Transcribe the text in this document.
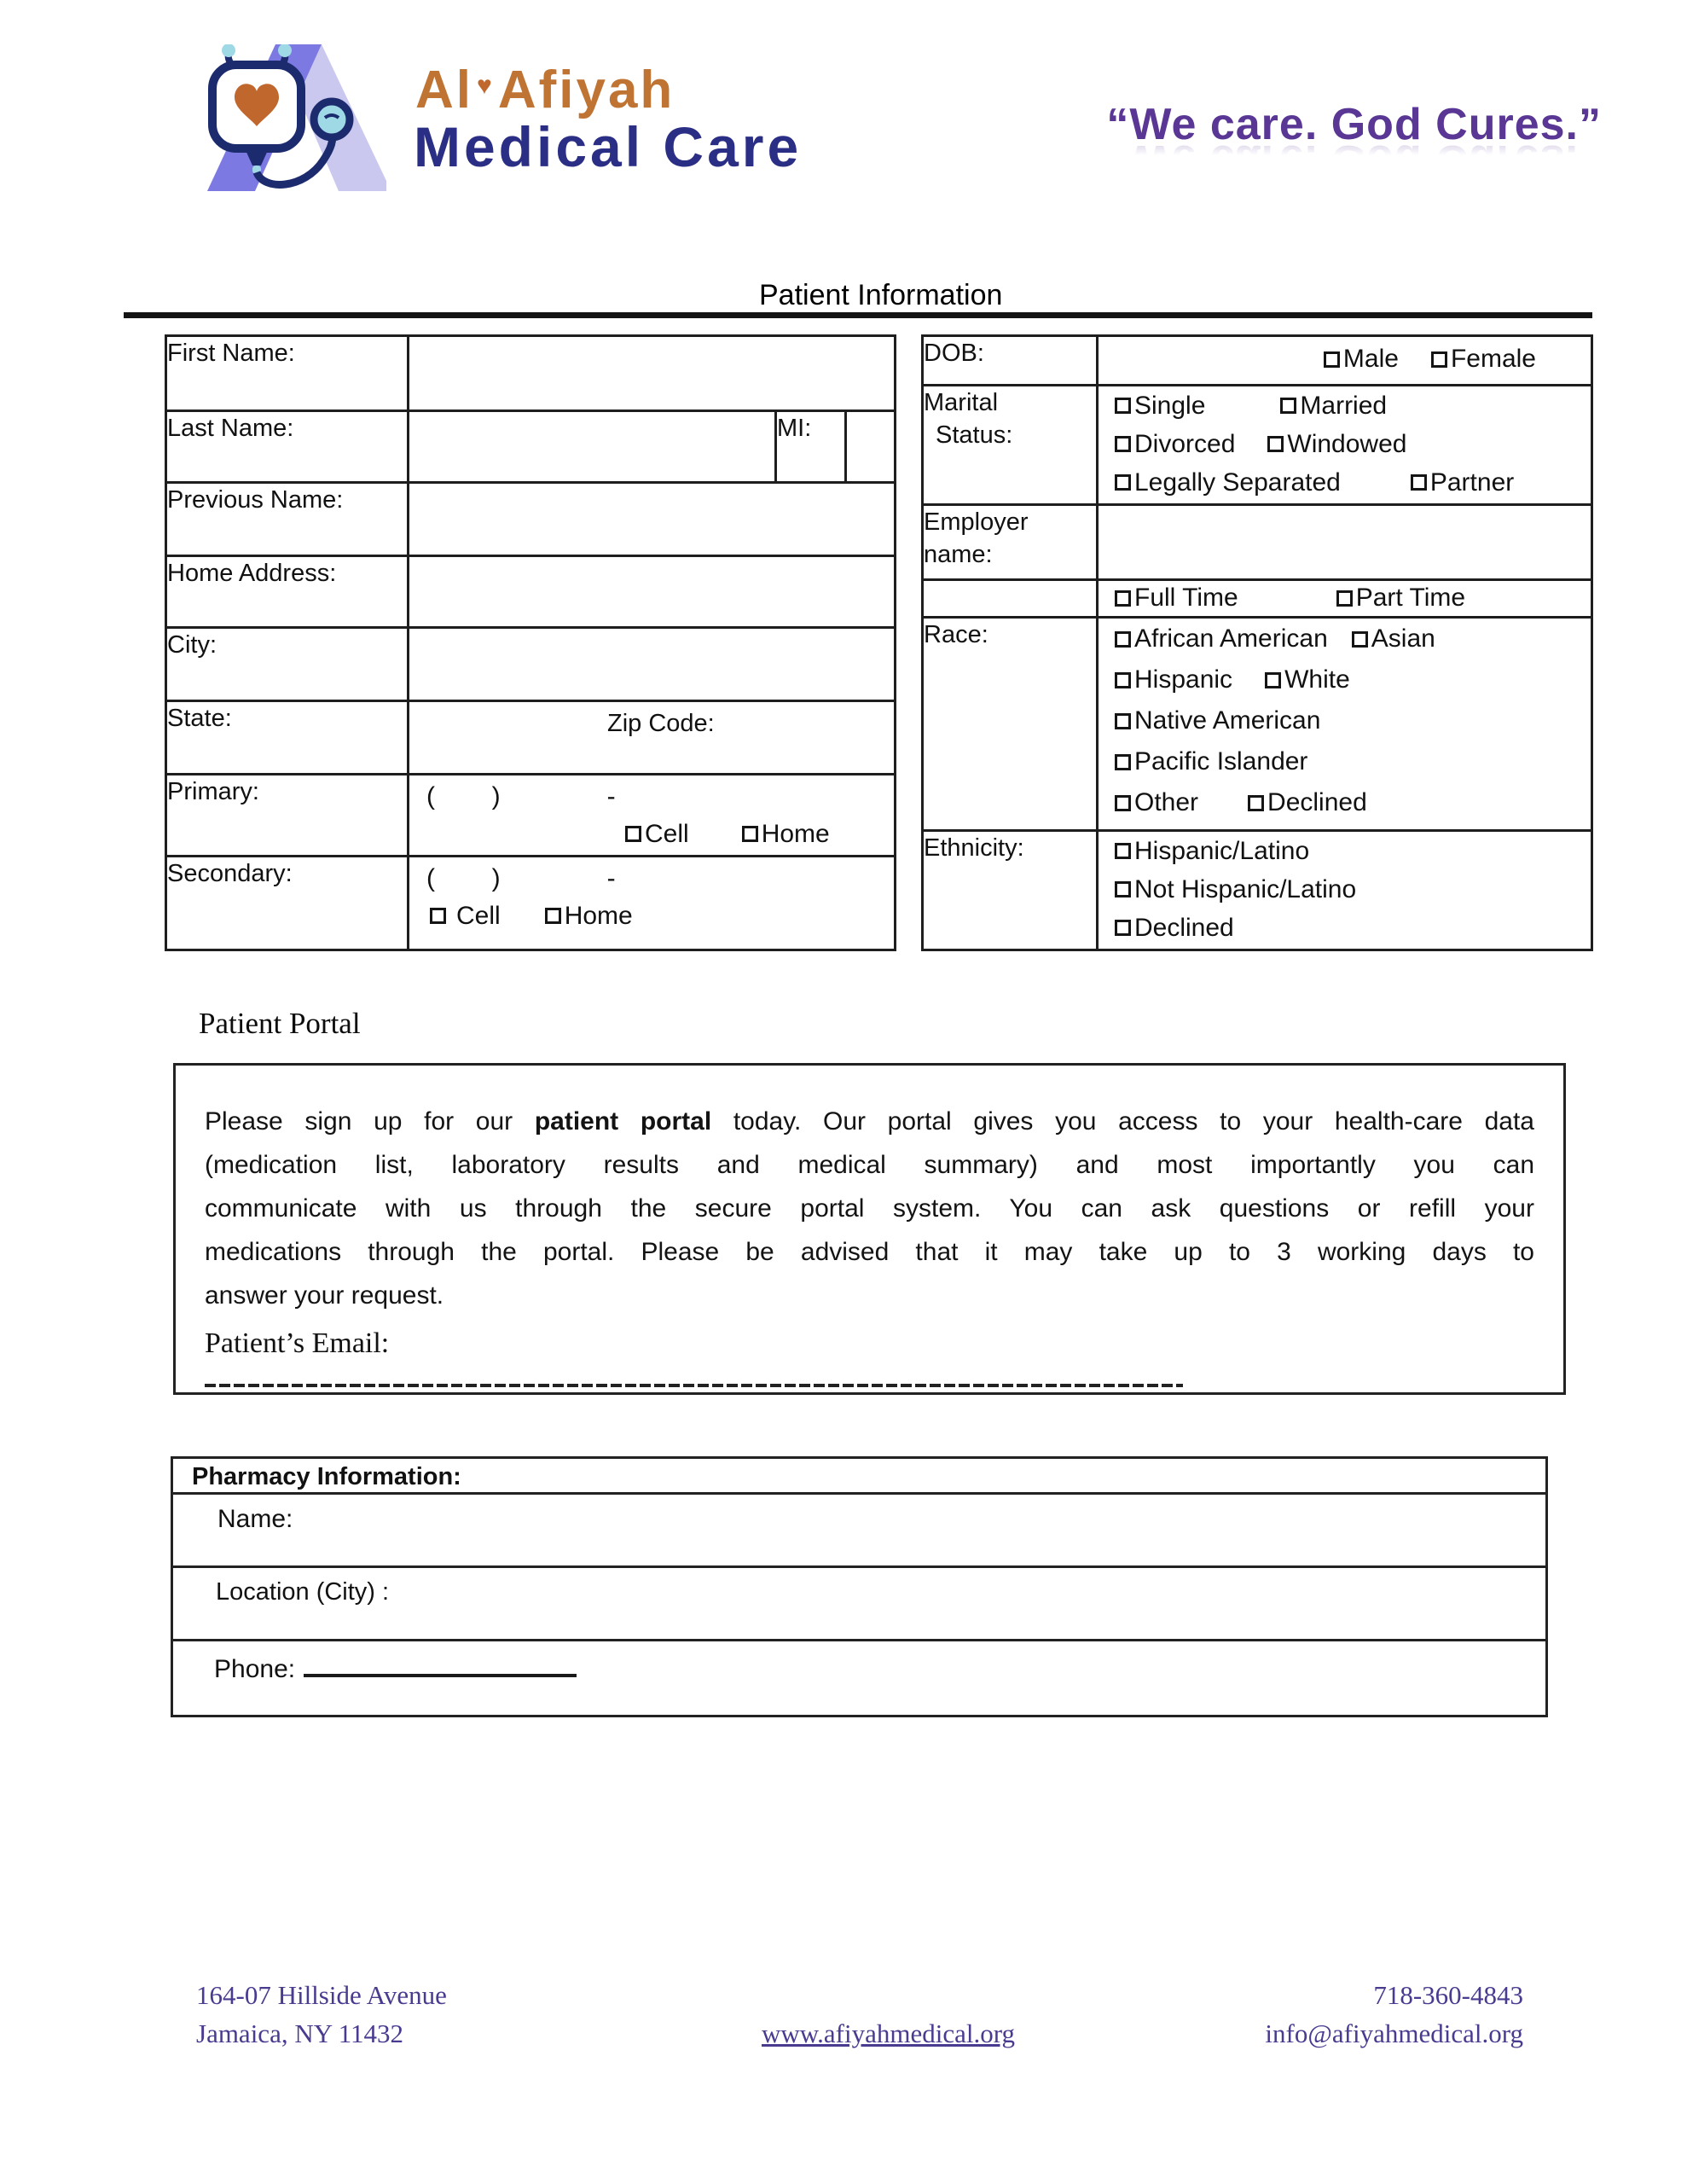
Al ♥Afiyah
Medical Care	“We care. God Cures.”
Patient Information
First Name:			
Last Name:		MI:	
Previous Name:			
Home Address:			
City:			
State:	Zip Code:		

Primary:	(        )               -
Cell Home		

Secondary:	(        )               -
Cell Home		
DOB:	Male Female

Marital
Status:

Single	Married
Divorced Windowed
Legally Separated	Partner

Employer
name:	

	Full Time Part Time

Race:	African American Asian
Hispanic White
Native American
Pacific Islander
Other	Declined

Ethnicity:	Hispanic/Latino
Not Hispanic/Latino
Declined
Patient Portal
Please sign up for our patient portal today. Our portal gives you access to your health-care data
(medication list, laboratory results and medical summary) and most importantly you can
communicate with us through the secure portal system. You can ask questions or refill your
medications through the portal. Please be advised that it may take up to 3 working days to
answer your request.
Patient’s Email:
Pharmacy Information:
Name:
Location (City) :
Phone:
164-07 Hillside Avenue
Jamaica, NY 11432	www.afiyahmedical.org
718-360-4843
info@afiyahmedical.org
